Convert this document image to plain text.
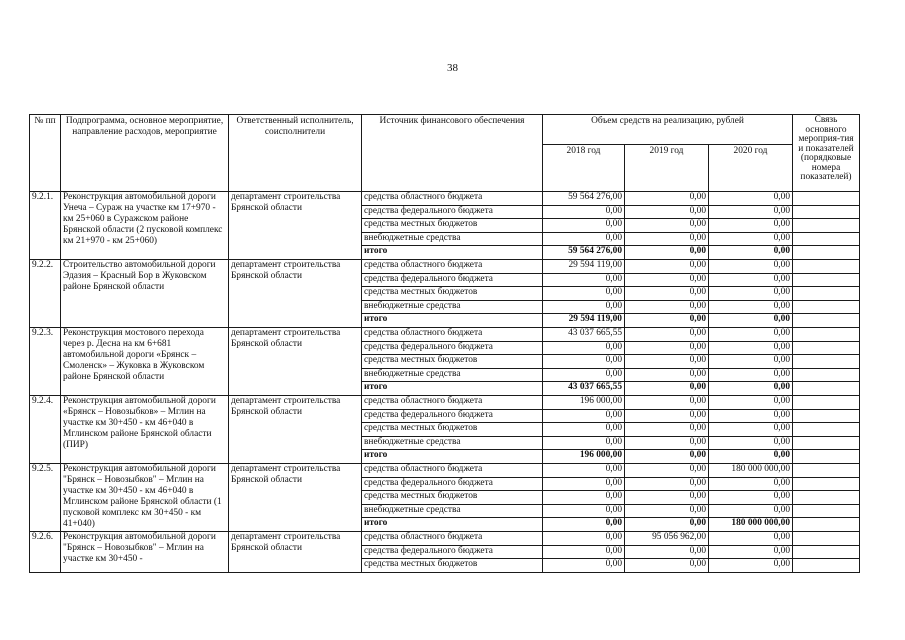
38
№ пп	Подпрограмма, основное мероприятие, направление расходов, мероприятие	Ответственный исполнитель, соисполнители	Источник финансового обеспечения	Объем средств на реализацию, рублей			Связь основного мероприя-тия и показателей (порядковые номера показателей)
				2018 год	2019 год	2020 год	
9.2.1.	Реконструкция автомобильной дороги Унеча – Сураж на участке км 17+970 - км 25+060 в Суражском районе Брянской области (2 пусковой комплекс км 21+970 - км 25+060)	департамент строительства Брянской области	средства областного бюджета	59 564 276,00	0,00	0,00	
			средства федерального бюджета	0,00	0,00	0,00	
			средства местных бюджетов	0,00	0,00	0,00	
			внебюджетные средства	0,00	0,00	0,00	
			итого	59 564 276,00	0,00	0,00	
9.2.2.	Строительство автомобильной дороги Эдазия – Красный Бор в Жуковском районе Брянской области	департамент строительства Брянской области	средства областного бюджета	29 594 119,00	0,00	0,00	
			средства федерального бюджета	0,00	0,00	0,00	
			средства местных бюджетов	0,00	0,00	0,00	
			внебюджетные средства	0,00	0,00	0,00	
			итого	29 594 119,00	0,00	0,00	
9.2.3.	Реконструкция мостового перехода через р. Десна на км 6+681 автомобильной дороги «Брянск – Смоленск» – Жуковка в Жуковском районе Брянской области	департамент строительства Брянской области	средства областного бюджета	43 037 665,55	0,00	0,00	
			средства федерального бюджета	0,00	0,00	0,00	
			средства местных бюджетов	0,00	0,00	0,00	
			внебюджетные средства	0,00	0,00	0,00	
			итого	43 037 665,55	0,00	0,00	
9.2.4.	Реконструкция автомобильной дороги «Брянск – Новозыбков» – Мглин на участке км 30+450 - км 46+040 в Мглинском районе Брянской области (ПИР)	департамент строительства Брянской области	средства областного бюджета	196 000,00	0,00	0,00	
			средства федерального бюджета	0,00	0,00	0,00	
			средства местных бюджетов	0,00	0,00	0,00	
			внебюджетные средства	0,00	0,00	0,00	
			итого	196 000,00	0,00	0,00	
9.2.5.	Реконструкция автомобильной дороги "Брянск – Новозыбков" – Мглин на участке км 30+450 - км 46+040 в Мглинском районе Брянской области (1 пусковой комплекс км 30+450 - км 41+040)	департамент строительства Брянской области	средства областного бюджета	0,00	0,00	180 000 000,00	
			средства федерального бюджета	0,00	0,00	0,00	
			средства местных бюджетов	0,00	0,00	0,00	
			внебюджетные средства	0,00	0,00	0,00	
			итого	0,00	0,00	180 000 000,00	
9.2.6.	Реконструкция автомобильной дороги "Брянск – Новозыбков" – Мглин на участке км 30+450 -	департамент строительства Брянской области	средства областного бюджета	0,00	95 056 962,00	0,00	
			средства федерального бюджета	0,00	0,00	0,00	
			средства местных бюджетов	0,00	0,00	0,00	
